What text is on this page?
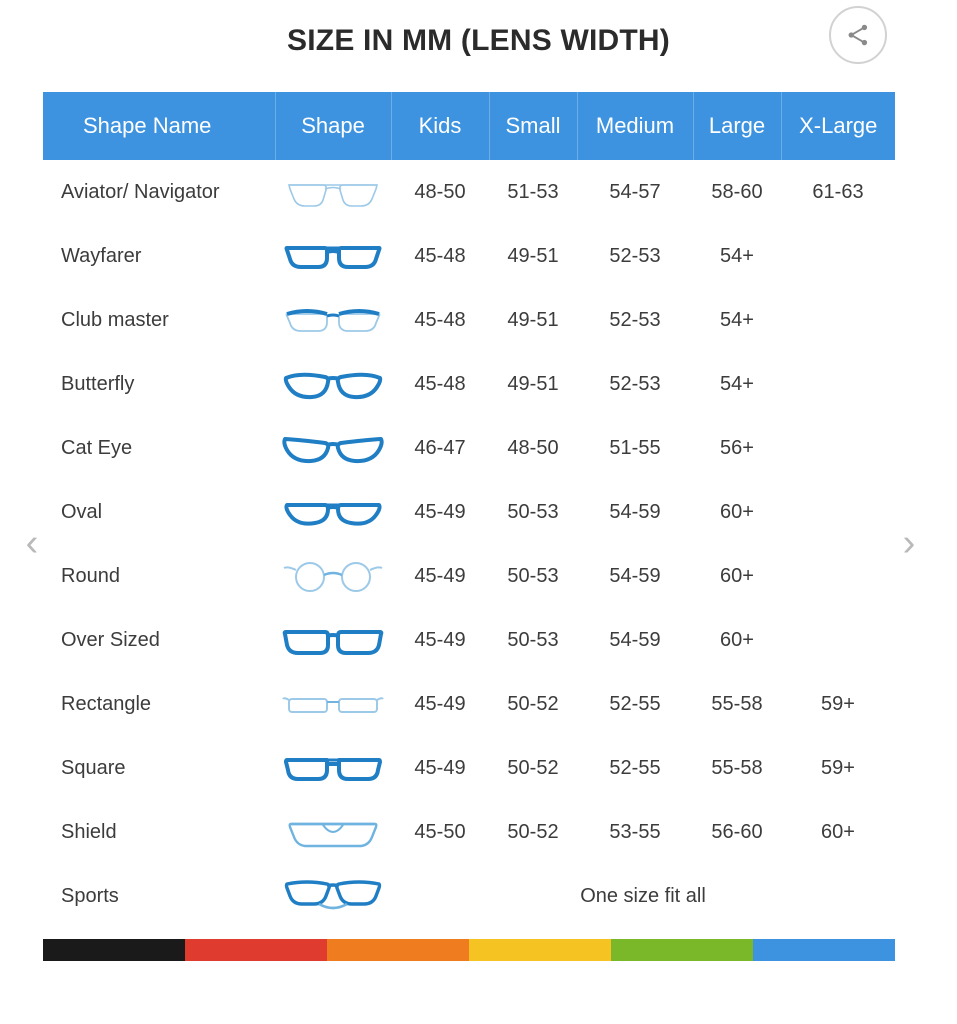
SIZE IN MM (LENS WIDTH)
Shape Name	Shape	Kids	Small	Medium	Large	X-Large
Aviator/ Navigator		48-50	51-53	54-57	58-60	61-63
Wayfarer		45-48	49-51	52-53	54+	
Club master		45-48	49-51	52-53	54+	
Butterfly		45-48	49-51	52-53	54+	
Cat Eye		46-47	48-50	51-55	56+	
Oval		45-49	50-53	54-59	60+	
Round		45-49	50-53	54-59	60+	
Over Sized		45-49	50-53	54-59	60+	
Rectangle		45-49	50-52	52-55	55-58	59+
Square		45-49	50-52	52-55	55-58	59+
Shield		45-50	50-52	53-55	56-60	60+
Sports		One size fit all				
‹	›
